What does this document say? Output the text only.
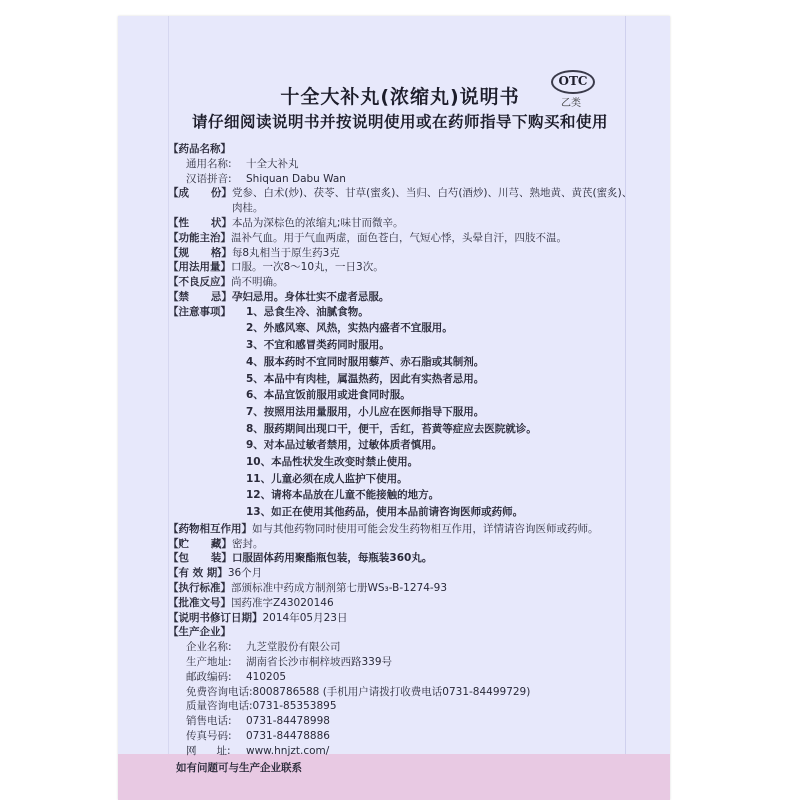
十全大补丸(浓缩丸)说明书
OTC
乙类
请仔细阅读说明书并按说明使用或在药师指导下购买和使用
【药品名称】
通用名称:	十全大补丸
汉语拼音:	Shiquan Dabu Wan
【成      份】 党参、白术(炒)、茯苓、甘草(蜜炙)、当归、白芍(酒炒)、川芎、熟地黄、黄芪(蜜炙)、肉桂。
【性      状】 本品为深棕色的浓缩丸;味甘而微辛。
【功能主治】 温补气血。用于气血两虚，面色苍白，气短心悸，头晕自汗，四肢不温。
【规      格】 每8丸相当于原生药3克
【用法用量】 口服。一次8～10丸，一日3次。
【不良反应】 尚不明确。
【禁      忌】 孕妇忌用。身体壮实不虚者忌服。
【注意事项】 1、忌食生冷、油腻食物。
2、外感风寒、风热，实热内盛者不宜服用。
3、不宜和感冒类药同时服用。
4、服本药时不宜同时服用藜芦、赤石脂或其制剂。
5、本品中有肉桂，属温热药，因此有实热者忌用。
6、本品宜饭前服用或进食同时服。
7、按照用法用量服用，小儿应在医师指导下服用。
8、服药期间出现口干，便干，舌红，苔黄等症应去医院就诊。
9、对本品过敏者禁用，过敏体质者慎用。
10、本品性状发生改变时禁止使用。
11、儿童必须在成人监护下使用。
12、请将本品放在儿童不能接触的地方。
13、如正在使用其他药品，使用本品前请咨询医师或药师。
【药物相互作用】 如与其他药物同时使用可能会发生药物相互作用，详情请咨询医师或药师。
【贮      藏】 密封。
【包      装】 口服固体药用聚酯瓶包装，每瓶装360丸。
【有 效 期】 36个月
【执行标准】 部颁标准中药成方制剂第七册WS₃-B-1274-93
【批准文号】 国药准字Z43020146
【说明书修订日期】 2014年05月23日
【生产企业】
企业名称:	九芝堂股份有限公司
生产地址:	湖南省长沙市桐梓坡西路339号
邮政编码:	410205
免费咨询电话: 8008786588 (手机用户请拨打收费电话0731-84499729)
质量咨询电话: 0731-85353895
销售电话:	0731-84478998
传真号码:	0731-84478886
网      址:	www.hnjzt.com/
如有问题可与生产企业联系
